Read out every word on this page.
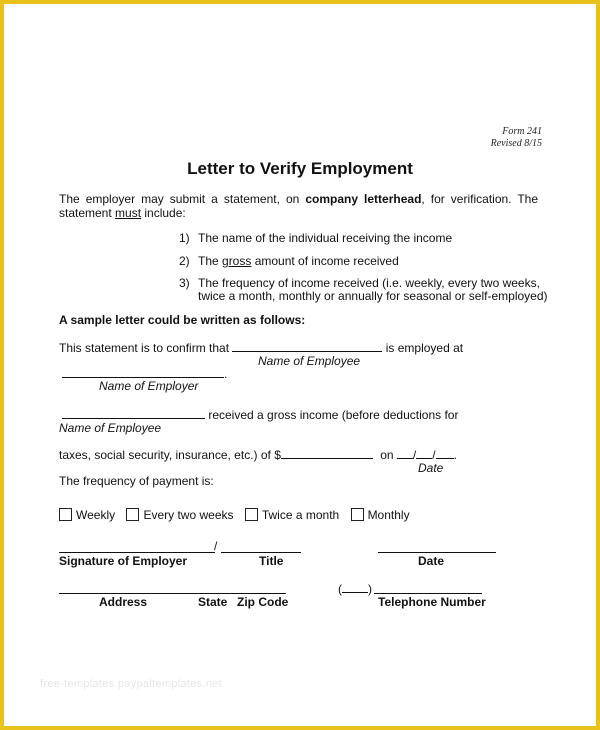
Form 241
Revised 8/15
Letter to Verify Employment
The employer may submit a statement, on company letterhead, for verification. The statement must include:
1) The name of the individual receiving the income
2) The gross amount of income received
3) The frequency of income received (i.e. weekly, every two weeks,
twice a month, monthly or annually for seasonal or self-employed)
A sample letter could be written as follows:
This statement is to confirm that	is employed at
Name of Employee
.
Name of Employer
received a gross income (before deductions for
Name of Employee
taxes, social security, insurance, etc.) of $	on / / .
Date
The frequency of payment is:
Weekly Every two weeks Twice a month Monthly
/
Signature of Employer	Title	Date
( )
Address	State Zip Code	Telephone Number
free-templates.paypaltemplates.net
